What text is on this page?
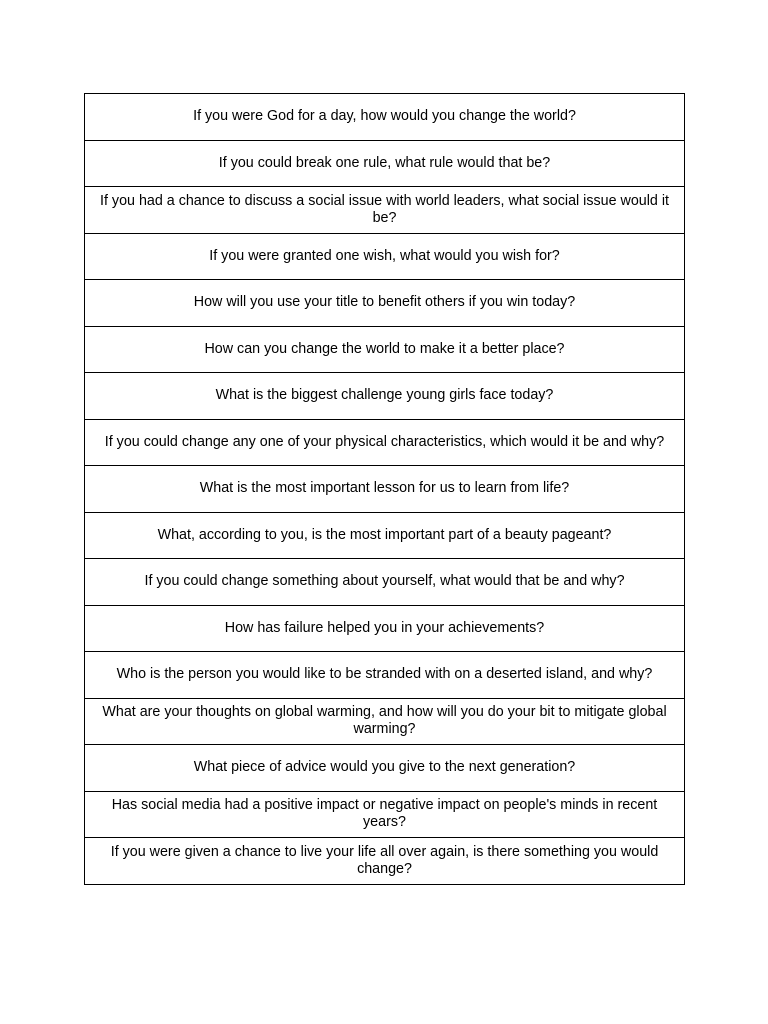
If you were God for a day, how would you change the world?
If you could break one rule, what rule would that be?
If you had a chance to discuss a social issue with world leaders, what social issue would it be?
If you were granted one wish, what would you wish for?
How will you use your title to benefit others if you win today?
How can you change the world to make it a better place?
What is the biggest challenge young girls face today?
If you could change any one of your physical characteristics, which would it be and why?
What is the most important lesson for us to learn from life?
What, according to you, is the most important part of a beauty pageant?
If you could change something about yourself, what would that be and why?
How has failure helped you in your achievements?
Who is the person you would like to be stranded with on a deserted island, and why?
What are your thoughts on global warming, and how will you do your bit to mitigate global warming?
What piece of advice would you give to the next generation?
Has social media had a positive impact or negative impact on people's minds in recent years?
If you were given a chance to live your life all over again, is there something you would change?
